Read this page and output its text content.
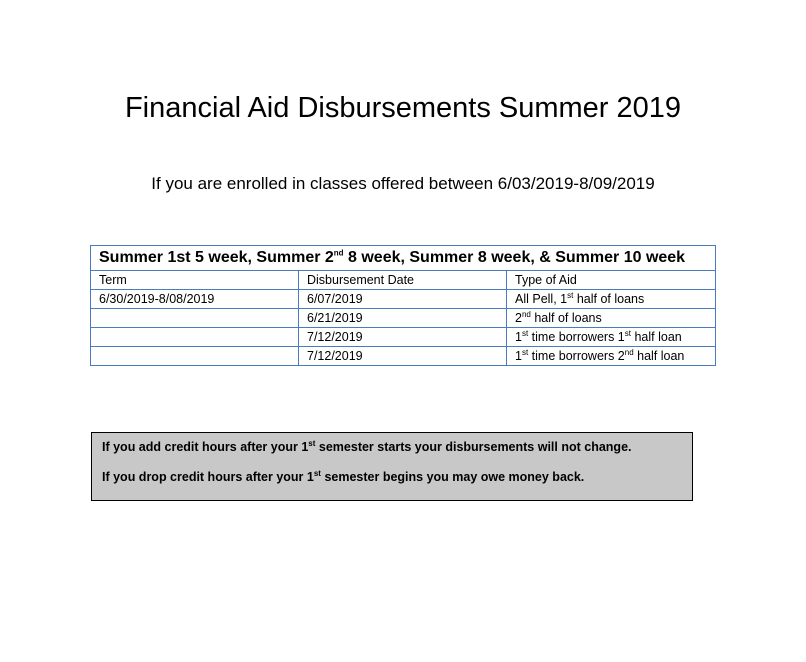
Financial Aid Disbursements Summer 2019
If you are enrolled in classes offered between 6/03/2019-8/09/2019
Summer 1st 5 week, Summer 2nd 8 week, Summer 8 week, & Summer 10 week		
Term	Disbursement Date	Type of Aid
6/30/2019-8/08/2019	6/07/2019	All Pell, 1st half of loans
	6/21/2019	2nd half of loans
	7/12/2019	1st time borrowers 1st half loan
	7/12/2019	1st time borrowers 2nd half loan

If you add credit hours after your 1st semester starts your disbursements will not change.

If you drop credit hours after your 1st semester begins you may owe money back.
